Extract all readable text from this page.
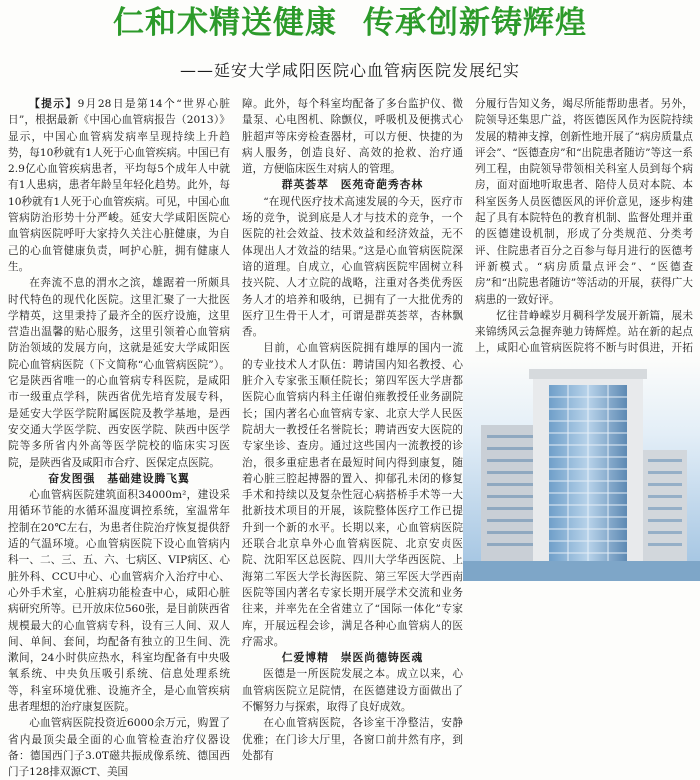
仁和术精送健康 传承创新铸辉煌
——延安大学咸阳医院心血管病医院发展纪实

【提示】9月28日是第14个“世界心脏日”，根据最新《中国心血管病报告（2013）》显示，中国心血管病发病率呈现持续上升趋势，每10秒就有1人死于心血管疾病。中国已有2.9亿心血管疾病患者，平均每5个成年人中就有1人患病，患者年龄呈年轻化趋势。此外，每10秒就有1人死于心血管疾病。可见，中国心血管病防治形势十分严峻。延安大学咸阳医院心血管病医院呼吁大家持久关注心脏健康，为自己的心血管健康负责，呵护心脏，拥有健康人生。

在奔流不息的渭水之滨，雄踞着一所颇具时代特色的现代化医院。这里汇聚了一大批医学精英，这里秉持了最齐全的医疗设施，这里营造出温馨的贴心服务，这里引领着心血管病防治领域的发展方向，这就是延安大学咸阳医院心血管病医院（下文简称“心血管病医院”）。它是陕西省唯一的心血管病专科医院，是咸阳市一级重点学科，陕西省优先培育发展专科，是延安大学医学院附属医院及教学基地，是西安交通大学医学院、西安医学院、陕西中医学院等多所省内外高等医学院校的临床实习医院，是陕西省及咸阳市合疗、医保定点医院。

奋发图强　基础建设腾飞翼

心血管病医院建筑面积34000m²，建设采用循环节能的水循环温度调控系统，室温常年控制在20℃左右，为患者住院治疗恢复提供舒适的气温环境。心血管病医院下设心血管病内科一、二、三、五、六、七病区、VIP病区、心脏外科、CCU中心、心血管病介入治疗中心、心外手术室，心脏病功能检查中心，咸阳心脏病研究所等。已开放床位560张，是目前陕西省规模最大的心血管病专科，设有三人间、双人间、单间、套间，均配备有独立的卫生间、洗漱间，24小时供应热水，科室均配备有中央吸氧系统、中央负压吸引系统、信息处理系统等，科室环境优雅、设施齐全，是心血管疾病患者理想的治疗康复医院。

心血管病医院投资近6000余万元，购置了省内最顶尖最全面的心血管检查治疗仪器设备：德国西门子3.0T磁共振成像系统、德国西门子128排双源CT、美国

障。此外，每个科室均配备了多台监护仪、微量泵、心电图机、除颤仪，呼吸机及便携式心脏超声等床旁检查器材，可以方便、快捷的为病人服务，创造良好、高效的抢救、治疗通道，方便临床医生对病人的管理。

群英荟萃　医苑奇葩秀杏林

“在现代医疗技术高速发展的今天，医疗市场的竞争，说到底是人才与技术的竞争，一个医院的社会效益、技术效益和经济效益，无不体现出人才效益的结果。”这是心血管病医院深谙的道理。自成立，心血管病医院牢固树立科技兴院、人才立院的战略，注重对各类优秀医务人才的培养和吸纳，已拥有了一大批优秀的医疗卫生骨干人才，可谓是群英荟萃，杏林飘香。

目前，心血管病医院拥有雄厚的国内一流的专业技术人才队伍：聘请国内知名教授、心脏介入专家张玉顺任院长；第四军医大学唐都医院心血管病内科主任谢伯雍教授任业务副院长；国内著名心血管病专家、北京大学人民医院胡大一教授任名誉院长；聘请西安大医院的专家坐诊、查房。通过这些国内一流教授的诊治，很多重症患者在最短时间内得到康复，随着心脏三腔起搏器的置入、抑郁孔未闭的修复手术和持续以及复杂性冠心病搭桥手术等一大批新技术项目的开展，该院整体医疗工作已提升到一个新的水平。长期以来，心血管病医院还联合北京阜外心血管病医院、北京安贞医院、沈阳军区总医院、四川大学华西医院、上海第二军医大学长海医院、第三军医大学西南医院等国内著名专家长期开展学术交流和业务往来，并率先在全省建立了“国际一体化”专家库，开展远程会诊，满足各种心血管病人的医疗需求。

仁爱博精　崇医尚德铸医魂

医德是一所医院发展之本。成立以来，心血管病医院立足院情，在医德建设方面做出了不懈努力与探索，取得了良好成效。

在心血管病医院，各诊室干净整洁，安静优雅；在门诊大厅里，各窗口前井然有序，到处都有

分履行告知义务，竭尽所能帮助患者。另外，院领导还集思广益，将医德医风作为医院持续发展的精神支撑，创新性地开展了“病房质量点评会”、“医德查房”和“出院患者随访”等这一系列工程，由院领导带领相关科室人员到每个病房，面对面地听取患者、陪侍人员对本院、本科室医务人员医德医风的评价意见，逐步构建起了具有本院特色的教育机制、监督处理并重的医德建设机制，形成了分类规范、分类考评、住院患者百分之百参与每月进行的医德考评新模式。“病房质量点评会”、“医德查房”和“出院患者随访”等活动的开展，获得广大病患的一致好评。

忆往昔峥嵘岁月稠科学发展开新篇，展未来锦绣风云急握奔驰力铸辉煌。站在新的起点上，咸阳心血管病医院将不断与时俱进，开拓
